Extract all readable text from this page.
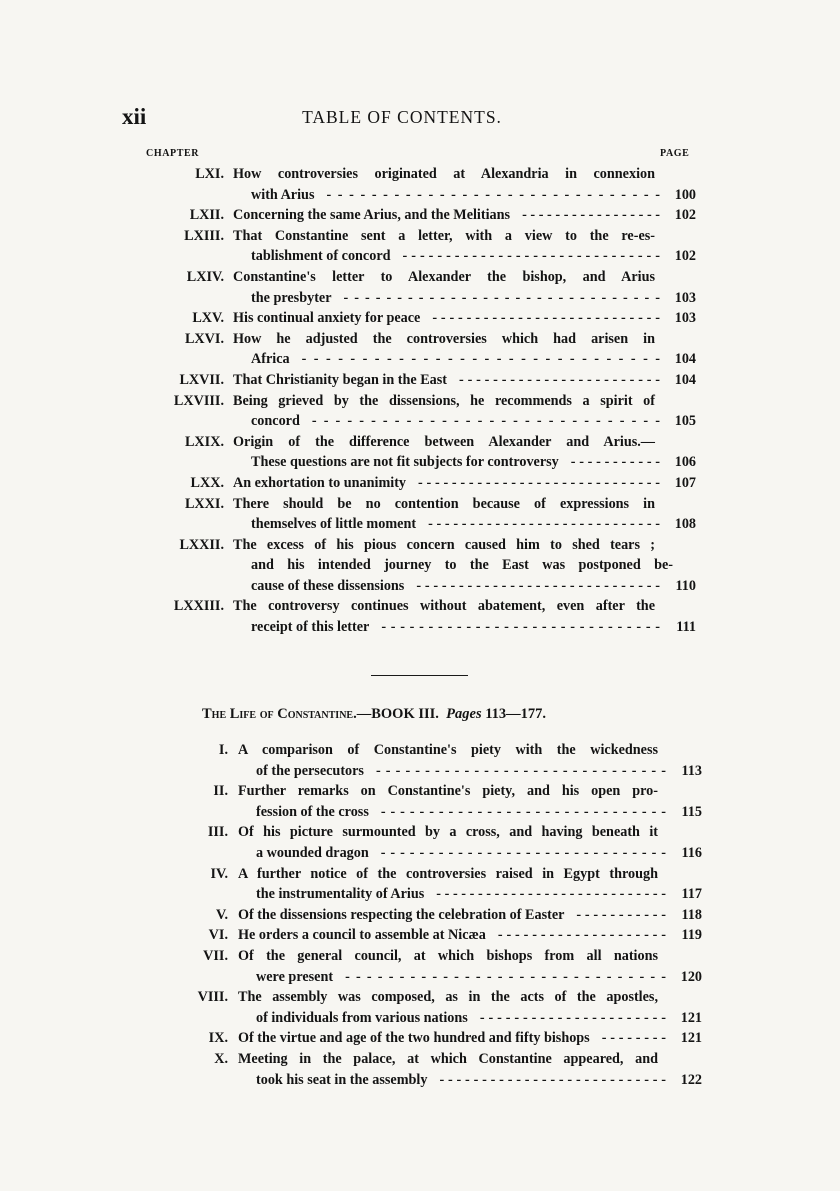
xii	TABLE OF CONTENTS.
CHAPTER	PAGE
LXI. How controversies originated at Alexandria in connexion
with Arius	100
- - - - - - - - - - - - - - - - - - - - - - - - - - - - - -
LXII. Concerning the same Arius, and the Melitians	102
- - - - - - - - - - - - - - - - -
LXIII. That Constantine sent a letter, with a view to the re-es-
tablishment of concord	102
- - - - - - - - - - - - - - - - - - - - - - - - - - - - - -
LXIV. Constantine's letter to Alexander the bishop, and Arius
the presbyter	103
- - - - - - - - - - - - - - - - - - - - - - - - - - - - - -
LXV. His continual anxiety for peace	103
- - - - - - - - - - - - - - - - - - - - - - - - - - -
LXVI. How he adjusted the controversies which had arisen in
Africa	104
- - - - - - - - - - - - - - - - - - - - - - - - - - - - - -
LXVII. That Christianity began in the East	104
- - - - - - - - - - - - - - - - - - - - - - - -
LXVIII. Being grieved by the dissensions, he recommends a spirit of
concord	105
- - - - - - - - - - - - - - - - - - - - - - - - - - - - - -
LXIX. Origin of the difference between Alexander and Arius.—
These questions are not fit subjects for controversy	106
- - - - - - - - - - -
LXX. An exhortation to unanimity	107
- - - - - - - - - - - - - - - - - - - - - - - - - - - - -
LXXI. There should be no contention because of expressions in
themselves of little moment	108
- - - - - - - - - - - - - - - - - - - - - - - - - - - -
LXXII. The excess of his pious concern caused him to shed tears ;
and his intended journey to the East was postponed be-
cause of these dissensions	110
- - - - - - - - - - - - - - - - - - - - - - - - - - - - -
LXXIII. The controversy continues without abatement, even after the
receipt of this letter	111
- - - - - - - - - - - - - - - - - - - - - - - - - - - - - -
The Life of Constantine.—BOOK III. Pages 113—177.
I. A comparison of Constantine's piety with the wickedness
of the persecutors	113
- - - - - - - - - - - - - - - - - - - - - - - - - - - - - -
II. Further remarks on Constantine's piety, and his open pro-
fession of the cross	115
- - - - - - - - - - - - - - - - - - - - - - - - - - - - - -
III. Of his picture surmounted by a cross, and having beneath it
a wounded dragon	116
- - - - - - - - - - - - - - - - - - - - - - - - - - - - - -
IV. A further notice of the controversies raised in Egypt through
the instrumentality of Arius	117
- - - - - - - - - - - - - - - - - - - - - - - - - - - -
V. Of the dissensions respecting the celebration of Easter	118
- - - - - - - - - - -
VI. He orders a council to assemble at Nicæa	119
- - - - - - - - - - - - - - - - - - - -
VII. Of the general council, at which bishops from all nations
were present	120
- - - - - - - - - - - - - - - - - - - - - - - - - - - - - -
VIII. The assembly was composed, as in the acts of the apostles,
of individuals from various nations	121
- - - - - - - - - - - - - - - - - - - - - -
IX. Of the virtue and age of the two hundred and fifty bishops	121
- - - - - - - -
X. Meeting in the palace, at which Constantine appeared, and
took his seat in the assembly	122
- - - - - - - - - - - - - - - - - - - - - - - - - - -
